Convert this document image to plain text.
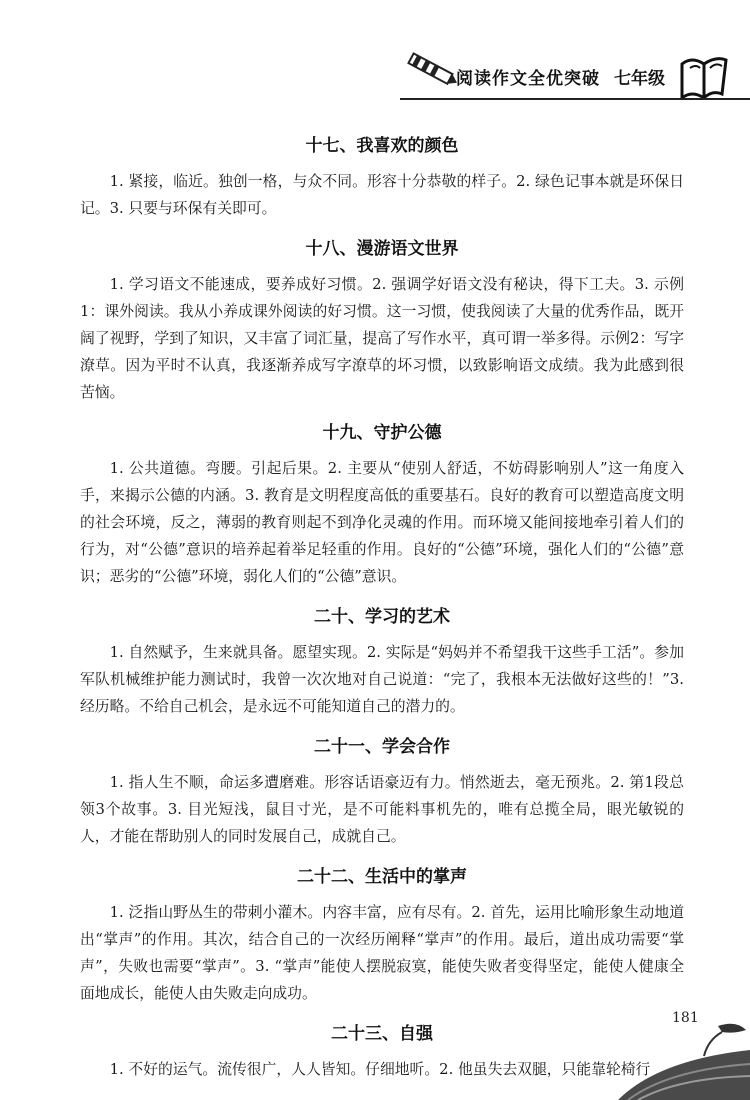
阅读作文全优突破 七年级
十七、我喜欢的颜色

1. 紧接，临近。独创一格，与众不同。形容十分恭敬的样子。2. 绿色记事本就是环保日记。3. 只要与环保有关即可。

十八、漫游语文世界

1. 学习语文不能速成，要养成好习惯。2. 强调学好语文没有秘诀，得下工夫。3. 示例1：课外阅读。我从小养成课外阅读的好习惯。这一习惯，使我阅读了大量的优秀作品，既开阔了视野，学到了知识，又丰富了词汇量，提高了写作水平，真可谓一举多得。示例2：写字潦草。因为平时不认真，我逐渐养成写字潦草的坏习惯，以致影响语文成绩。我为此感到很苦恼。

十九、守护公德

1. 公共道德。弯腰。引起后果。2. 主要从“使别人舒适，不妨碍影响别人”这一角度入手，来揭示公德的内涵。3. 教育是文明程度高低的重要基石。良好的教育可以塑造高度文明的社会环境，反之，薄弱的教育则起不到净化灵魂的作用。而环境又能间接地牵引着人们的行为，对“公德”意识的培养起着举足轻重的作用。良好的“公德”环境，强化人们的“公德”意识；恶劣的“公德”环境，弱化人们的“公德”意识。

二十、学习的艺术

1. 自然赋予，生来就具备。愿望实现。2. 实际是“妈妈并不希望我干这些手工活”。参加军队机械维护能力测试时，我曾一次次地对自己说道：“完了，我根本无法做好这些的！”3. 经历略。不给自己机会，是永远不可能知道自己的潜力的。

二十一、学会合作

1. 指人生不顺，命运多遭磨难。形容话语豪迈有力。悄然逝去，毫无预兆。2. 第1段总领3个故事。3. 目光短浅，鼠目寸光，是不可能料事机先的，唯有总揽全局，眼光敏锐的人，才能在帮助别人的同时发展自己，成就自己。

二十二、生活中的掌声

1. 泛指山野丛生的带刺小灌木。内容丰富，应有尽有。2. 首先，运用比喻形象生动地道出“掌声”的作用。其次，结合自己的一次经历阐释“掌声”的作用。最后，道出成功需要“掌声”，失败也需要“掌声”。3. “掌声”能使人摆脱寂寞，能使失败者变得坚定，能使人健康全面地成长，能使人由失败走向成功。

二十三、自强

1. 不好的运气。流传很广，人人皆知。仔细地听。2. 他虽失去双腿，只能靠轮椅行

181
